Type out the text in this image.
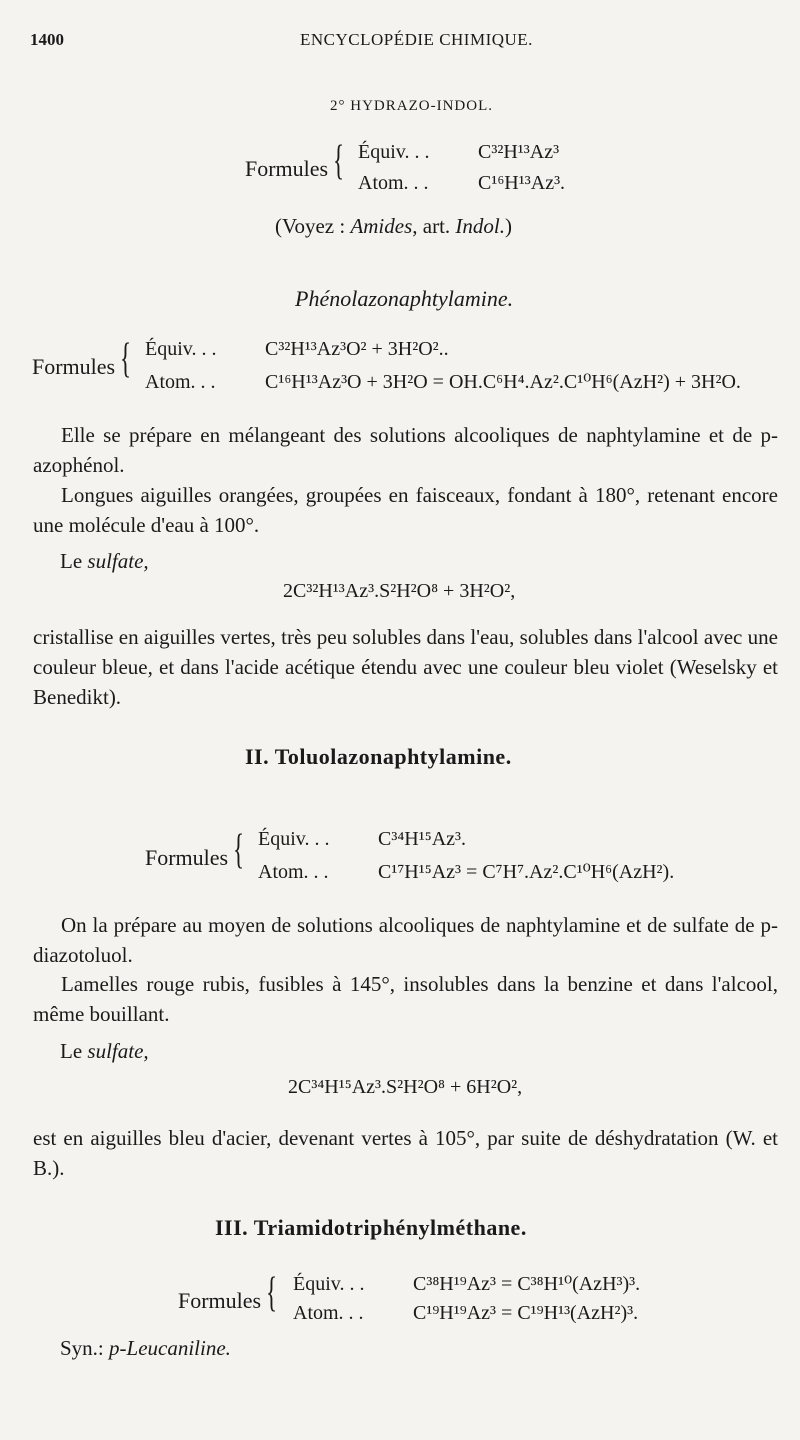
1400	ENCYCLOPÉDIE CHIMIQUE.
2° HYDRAZO-INDOL.
Formules { Équiv. . . C³²H¹³Az³
Atom. . . C¹⁶H¹³Az³.
(Voyez : Amides, art. Indol.)
Phénolazonaphtylamine.
Formules { Équiv. . . C³²H¹³Az³O² + 3H²O²..
Atom. . . C¹⁶H¹³Az³O + 3H²O = OH.C⁶H⁴.Az².C¹⁰H⁶(AzH²) + 3H²O.
Elle se prépare en mélangeant des solutions alcooliques de naphtylamine et de p-azophénol.
Longues aiguilles orangées, groupées en faisceaux, fondant à 180°, retenant encore une molécule d'eau à 100°.
Le sulfate,
2C³²H¹³Az³.S²H²O⁸ + 3H²O²,
cristallise en aiguilles vertes, très peu solubles dans l'eau, solubles dans l'alcool avec une couleur bleue, et dans l'acide acétique étendu avec une couleur bleu violet (Weselsky et Benedikt).
II. Toluolazonaphtylamine.
Formules { Équiv. . . C³⁴H¹⁵Az³.
Atom. . . C¹⁷H¹⁵Az³ = C⁷H⁷.Az².C¹⁰H⁶(AzH²).
On la prépare au moyen de solutions alcooliques de naphtylamine et de sulfate de p-diazotoluol.
Lamelles rouge rubis, fusibles à 145°, insolubles dans la benzine et dans l'alcool, même bouillant.
Le sulfate,
2C³⁴H¹⁵Az³.S²H²O⁸ + 6H²O²,
est en aiguilles bleu d'acier, devenant vertes à 105°, par suite de déshydratation (W. et B.).
III. Triamidotriphénylméthane.
Formules { Équiv. . . C³⁸H¹⁹Az³ = C³⁸H¹⁰(AzH³)³.
Atom. . . C¹⁹H¹⁹Az³ = C¹⁹H¹³(AzH²)³.
Syn.: p-Leucaniline.
